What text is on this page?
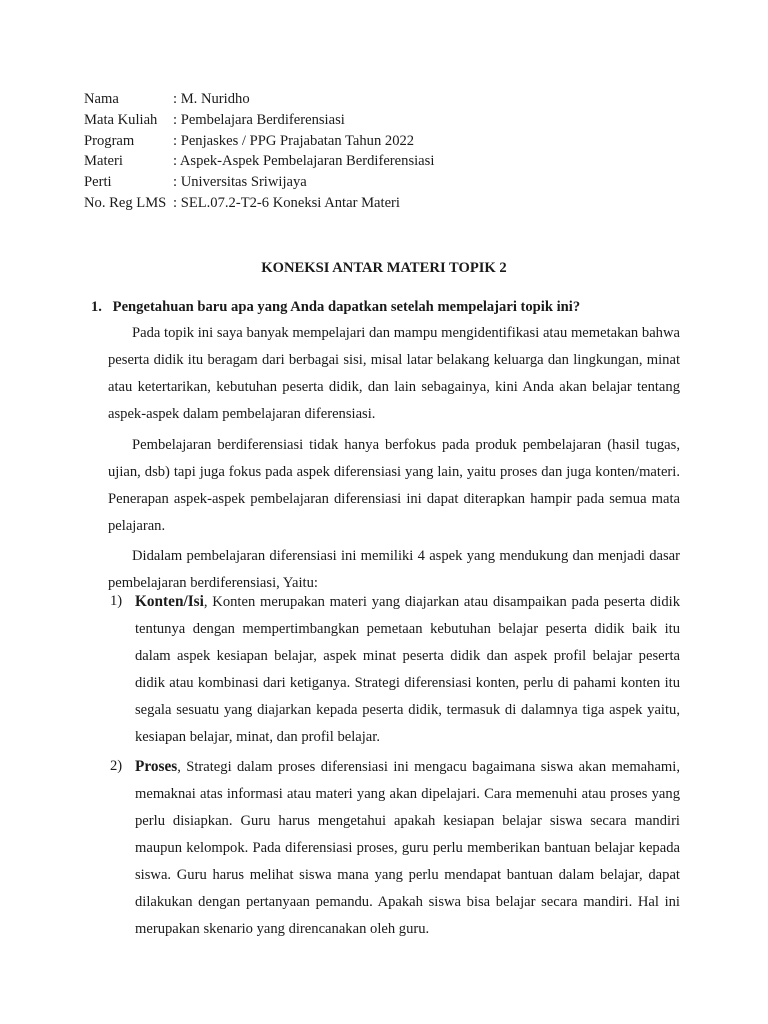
Nama	: M. Nuridho
Mata Kuliah	: Pembelajara Berdiferensiasi
Program	: Penjaskes / PPG Prajabatan Tahun 2022
Materi	: Aspek-Aspek Pembelajaran Berdiferensiasi
Perti	: Universitas Sriwijaya
No. Reg LMS : SEL.07.2-T2-6 Koneksi Antar Materi
KONEKSI ANTAR MATERI TOPIK 2
1. Pengetahuan baru apa yang Anda dapatkan setelah mempelajari topik ini?

Pada topik ini saya banyak mempelajari dan mampu mengidentifikasi atau memetakan bahwa peserta didik itu beragam dari berbagai sisi, misal latar belakang keluarga dan lingkungan, minat atau ketertarikan, kebutuhan peserta didik, dan lain sebagainya, kini Anda akan belajar tentang aspek-aspek dalam pembelajaran diferensiasi.

Pembelajaran berdiferensiasi tidak hanya berfokus pada produk pembelajaran (hasil tugas, ujian, dsb) tapi juga fokus pada aspek diferensiasi yang lain, yaitu proses dan juga konten/materi. Penerapan aspek-aspek pembelajaran diferensiasi ini dapat diterapkan hampir pada semua mata pelajaran.

Didalam pembelajaran diferensiasi ini memiliki 4 aspek yang mendukung dan menjadi dasar pembelajaran berdiferensiasi, Yaitu:

1) Konten/Isi, Konten merupakan materi yang diajarkan atau disampaikan pada peserta didik tentunya dengan mempertimbangkan pemetaan kebutuhan belajar peserta didik baik itu dalam aspek kesiapan belajar, aspek minat peserta didik dan aspek profil belajar peserta didik atau kombinasi dari ketiganya. Strategi diferensiasi konten, perlu di pahami konten itu segala sesuatu yang diajarkan kepada peserta didik, termasuk di dalamnya tiga aspek yaitu, kesiapan belajar, minat, dan profil belajar.
2) Proses, Strategi dalam proses diferensiasi ini mengacu bagaimana siswa akan memahami, memaknai atas informasi atau materi yang akan dipelajari. Cara memenuhi atau proses yang perlu disiapkan. Guru harus mengetahui apakah kesiapan belajar siswa secara mandiri maupun kelompok. Pada diferensiasi proses, guru perlu memberikan bantuan belajar kepada siswa. Guru harus melihat siswa mana yang perlu mendapat bantuan dalam belajar, dapat dilakukan dengan pertanyaan pemandu. Apakah siswa bisa belajar secara mandiri. Hal ini merupakan skenario yang direncanakan oleh guru.
